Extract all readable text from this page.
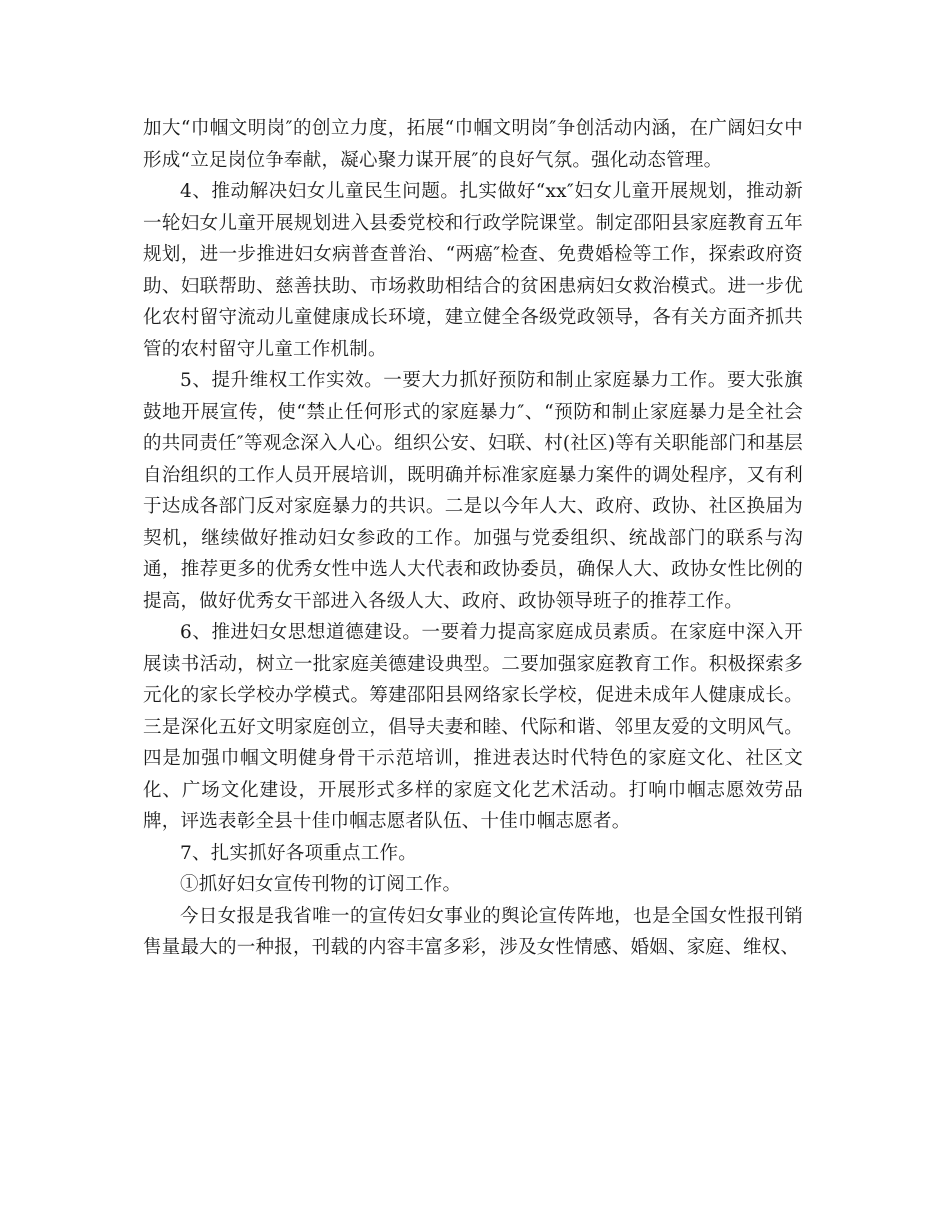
加大“巾帼文明岗″的创立力度，拓展“巾帼文明岗″争创活动内涵，在广阔妇女中形成“立足岗位争奉献，凝心聚力谋开展″的良好气氛。强化动态管理。

4、推动解决妇女儿童民生问题。扎实做好“xx″妇女儿童开展规划，推动新一轮妇女儿童开展规划进入县委党校和行政学院课堂。制定邵阳县家庭教育五年规划，进一步推进妇女病普查普治、“两癌″检查、免费婚检等工作，探索政府资助、妇联帮助、慈善扶助、市场救助相结合的贫困患病妇女救治模式。进一步优化农村留守流动儿童健康成长环境，建立健全各级党政领导，各有关方面齐抓共管的农村留守儿童工作机制。

5、提升维权工作实效。一要大力抓好预防和制止家庭暴力工作。要大张旗鼓地开展宣传，使“禁止任何形式的家庭暴力″、“预防和制止家庭暴力是全社会的共同责任″等观念深入人心。组织公安、妇联、村(社区)等有关职能部门和基层自治组织的工作人员开展培训，既明确并标准家庭暴力案件的调处程序，又有利于达成各部门反对家庭暴力的共识。二是以今年人大、政府、政协、社区换届为契机，继续做好推动妇女参政的工作。加强与党委组织、统战部门的联系与沟通，推荐更多的优秀女性中选人大代表和政协委员，确保人大、政协女性比例的提高，做好优秀女干部进入各级人大、政府、政协领导班子的推荐工作。

6、推进妇女思想道德建设。一要着力提高家庭成员素质。在家庭中深入开展读书活动，树立一批家庭美德建设典型。二要加强家庭教育工作。积极探索多元化的家长学校办学模式。筹建邵阳县网络家长学校，促进未成年人健康成长。三是深化五好文明家庭创立，倡导夫妻和睦、代际和谐、邻里友爱的文明风气。四是加强巾帼文明健身骨干示范培训，推进表达时代特色的家庭文化、社区文化、广场文化建设，开展形式多样的家庭文化艺术活动。打响巾帼志愿效劳品牌，评选表彰全县十佳巾帼志愿者队伍、十佳巾帼志愿者。

7、扎实抓好各项重点工作。

①抓好妇女宣传刊物的订阅工作。

今日女报是我省唯一的宣传妇女事业的舆论宣传阵地，也是全国女性报刊销售量最大的一种报，刊载的内容丰富多彩，涉及女性情感、婚姻、家庭、维权、
